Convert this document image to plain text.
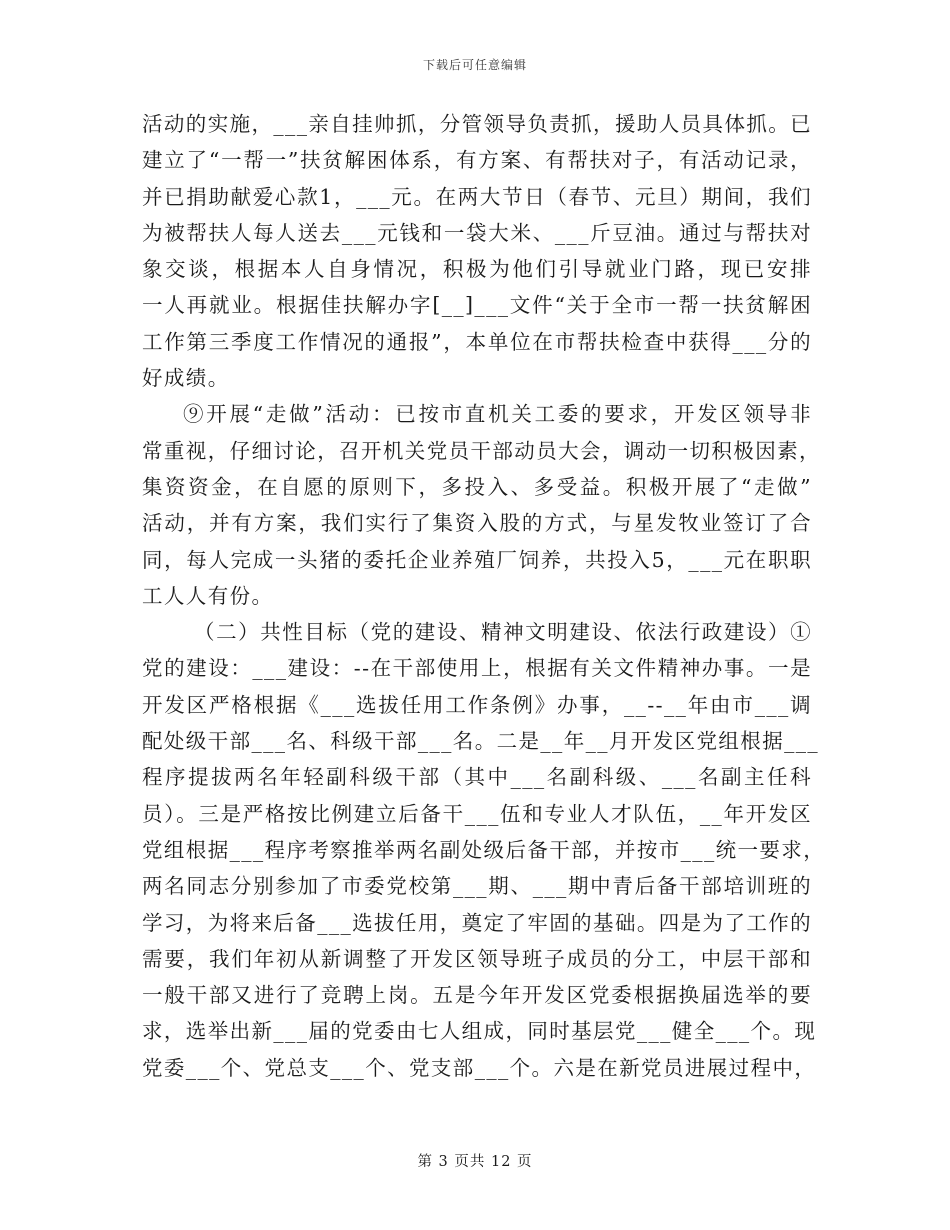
下载后可任意编辑
活动的实施，___亲自挂帅抓，分管领导负责抓，援助人员具体抓。已
建立了“一帮一”扶贫解困体系，有方案、有帮扶对子，有活动记录，
并已捐助献爱心款1，___元。在两大节日（春节、元旦）期间，我们
为被帮扶人每人送去___元钱和一袋大米、___斤豆油。通过与帮扶对
象交谈，根据本人自身情况，积极为他们引导就业门路，现已安排
一人再就业。根据佳扶解办字[__]___文件“关于全市一帮一扶贫解困
工作第三季度工作情况的通报”，本单位在市帮扶检查中获得___分的
好成绩。
⑨开展“走做”活动：已按市直机关工委的要求，开发区领导非
常重视，仔细讨论，召开机关党员干部动员大会，调动一切积极因素，
集资资金，在自愿的原则下，多投入、多受益。积极开展了“走做”
活动，并有方案，我们实行了集资入股的方式，与星发牧业签订了合
同，每人完成一头猪的委托企业养殖厂饲养，共投入5，___元在职职
工人人有份。
（二）共性目标（党的建设、精神文明建设、依法行政建设）①
党的建设：___建设：--在干部使用上，根据有关文件精神办事。一是
开发区严格根据《___选拔任用工作条例》办事，__--__年由市___调
配处级干部___名、科级干部___名。二是__年__月开发区党组根据___
程序提拔两名年轻副科级干部（其中___名副科级、___名副主任科
员）。三是严格按比例建立后备干___伍和专业人才队伍，__年开发区
党组根据___程序考察推举两名副处级后备干部，并按市___统一要求，
两名同志分别参加了市委党校第___期、___期中青后备干部培训班的
学习，为将来后备___选拔任用，奠定了牢固的基础。四是为了工作的
需要，我们年初从新调整了开发区领导班子成员的分工，中层干部和
一般干部又进行了竞聘上岗。五是今年开发区党委根据换届选举的要
求，选举出新___届的党委由七人组成，同时基层党___健全___个。现
党委___个、党总支___个、党支部___个。六是在新党员进展过程中，
第 3 页共 12 页
